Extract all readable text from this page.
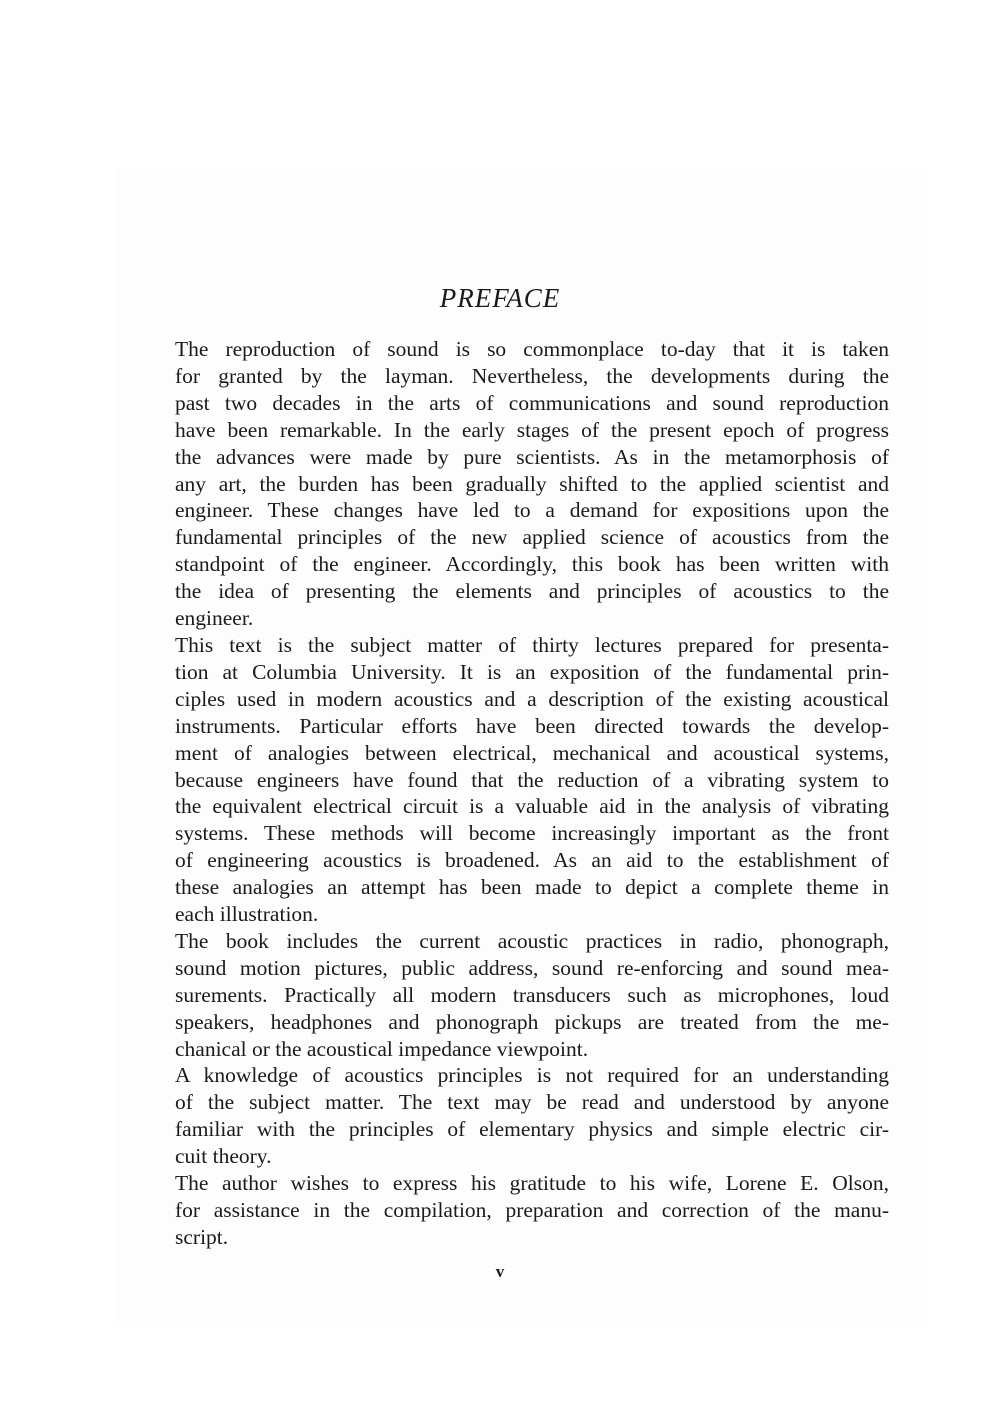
PREFACE

The reproduction of sound is so commonplace to-day that it is taken
for granted by the layman. Nevertheless, the developments during the
past two decades in the arts of communications and sound reproduction
have been remarkable. In the early stages of the present epoch of progress
the advances were made by pure scientists. As in the metamorphosis of
any art, the burden has been gradually shifted to the applied scientist and
engineer. These changes have led to a demand for expositions upon the
fundamental principles of the new applied science of acoustics from the
standpoint of the engineer. Accordingly, this book has been written with
the idea of presenting the elements and principles of acoustics to the
engineer.

This text is the subject matter of thirty lectures prepared for presenta-
tion at Columbia University. It is an exposition of the fundamental prin-
ciples used in modern acoustics and a description of the existing acoustical
instruments. Particular efforts have been directed towards the develop-
ment of analogies between electrical, mechanical and acoustical systems,
because engineers have found that the reduction of a vibrating system to
the equivalent electrical circuit is a valuable aid in the analysis of vibrating
systems. These methods will become increasingly important as the front
of engineering acoustics is broadened. As an aid to the establishment of
these analogies an attempt has been made to depict a complete theme in
each illustration.

The book includes the current acoustic practices in radio, phonograph,
sound motion pictures, public address, sound re-enforcing and sound mea-
surements. Practically all modern transducers such as microphones, loud
speakers, headphones and phonograph pickups are treated from the me-
chanical or the acoustical impedance viewpoint.

A knowledge of acoustics principles is not required for an understanding
of the subject matter. The text may be read and understood by anyone
familiar with the principles of elementary physics and simple electric cir-
cuit theory.

The author wishes to express his gratitude to his wife, Lorene E. Olson,
for assistance in the compilation, preparation and correction of the manu-
script.

v
